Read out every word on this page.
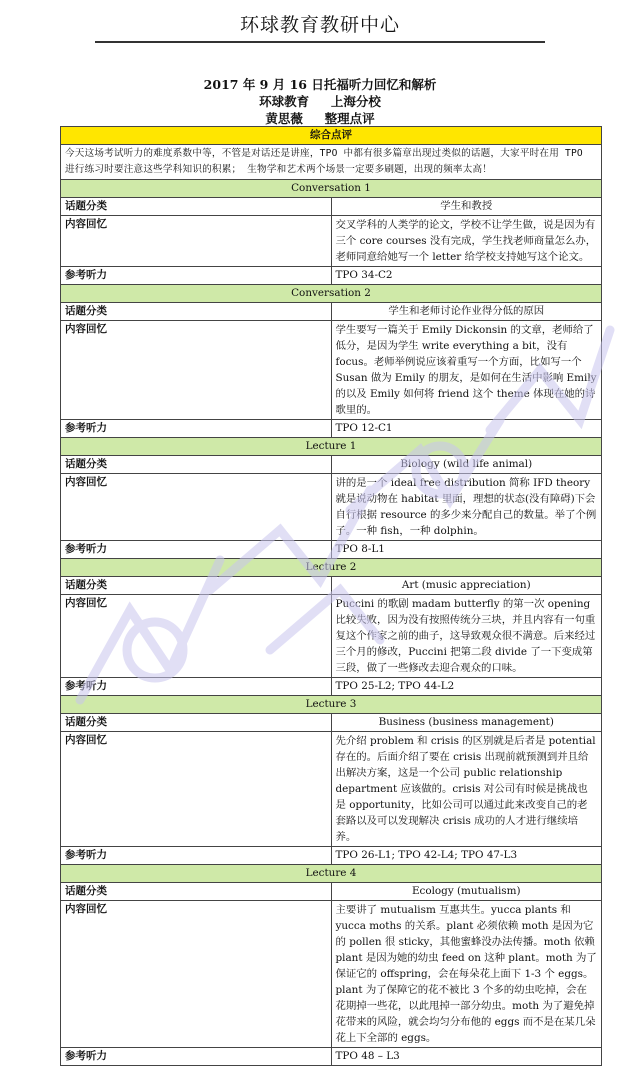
环球教育教研中心
2017 年 9 月 16 日托福听力回忆和解析
环球教育     上海分校
黄思薇     整理点评
综合点评	
今天这场考试听力的难度系数中等，不管是对话还是讲座，TPO 中都有很多篇章出现过类似的话题，大家平时在用 TPO 进行练习时要注意这些学科知识的积累； 生物学和艺术两个场景一定要多刷题，出现的频率太高！	
Conversation 1	
话题分类	学生和教授
内容回忆	交叉学科的人类学的论文，学校不让学生做，说是因为有三个 core courses 没有完成，学生找老师商量怎么办，老师同意给她写一个 letter 给学校支持她写这个论文。
参考听力	TPO 34-C2
Conversation 2	
话题分类	学生和老师讨论作业得分低的原因
内容回忆	学生要写一篇关于 Emily Dickonsin 的文章，老师给了低分，是因为学生 write everything a bit，没有 focus。老师举例说应该着重写一个方面，比如写一个 Susan 做为 Emily 的朋友，是如何在生活中影响 Emily 的以及 Emily 如何将 friend 这个 theme 体现在她的诗歌里的。
参考听力	TPO 12-C1
Lecture 1	
话题分类	Biology (wild life animal)
内容回忆	讲的是一个 ideal free distribution 简称 IFD theory 就是说动物在 habitat 里面，理想的状态(没有障碍)下会自行根据 resource 的多少来分配自己的数量。举了个例子。一种 fish，一种 dolphin。
参考听力	TPO 8-L1
Lecture 2	
话题分类	Art (music appreciation)
内容回忆	Puccini 的歌剧 madam butterfly 的第一次 opening 比较失败，因为没有按照传统分三块，并且内容有一句重复这个作家之前的曲子，这导致观众很不满意。后来经过三个月的修改，Puccini 把第二段 divide 了一下变成第三段，做了一些修改去迎合观众的口味。
参考听力	TPO 25-L2; TPO 44-L2
Lecture 3	
话题分类	Business (business management)
内容回忆	先介绍 problem 和 crisis 的区别就是后者是 potential 存在的。后面介绍了要在 crisis 出现前就预测到并且给出解决方案，这是一个公司 public relationship department 应该做的。crisis 对公司有时候是挑战也是 opportunity，比如公司可以通过此来改变自己的老套路以及可以发现解决 crisis 成功的人才进行继续培养。
参考听力	TPO 26-L1; TPO 42-L4; TPO 47-L3
Lecture 4	
话题分类	Ecology (mutualism)
内容回忆	主要讲了 mutualism 互惠共生。yucca plants 和 yucca moths 的关系。plant 必须依赖 moth 是因为它的 pollen 很 sticky，其他蜜蜂没办法传播。moth 依赖 plant 是因为她的幼虫 feed on 这种 plant。moth 为了保证它的 offspring，会在每朵花上面下 1-3 个 eggs。plant 为了保障它的花不被比 3 个多的幼虫吃掉，会在花期掉一些花，以此甩掉一部分幼虫。moth 为了避免掉花带来的风险，就会均匀分布他的 eggs 而不是在某几朵花上下全部的 eggs。
参考听力	TPO 48 – L3
